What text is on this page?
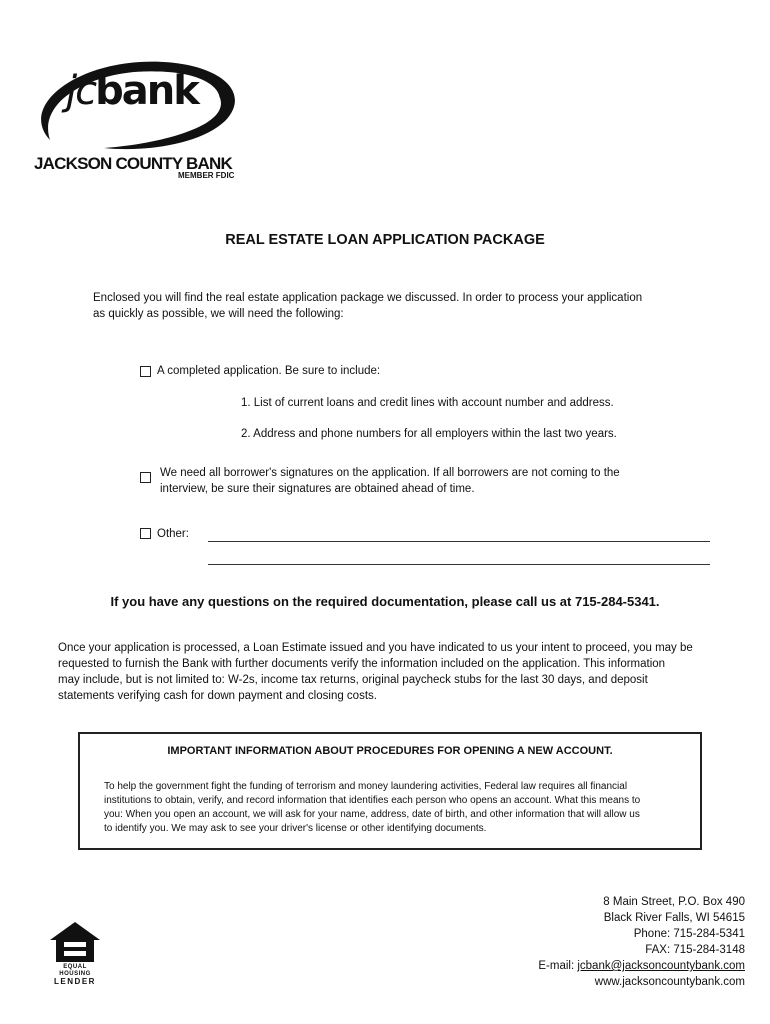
jcbank
JACKSON COUNTY BANK
MEMBER FDIC
REAL ESTATE LOAN APPLICATION PACKAGE
Enclosed you will find the real estate application package we discussed. In order to process your application
as quickly as possible, we will need the following:
A completed application. Be sure to include:
1. List of current loans and credit lines with account number and address.
2. Address and phone numbers for all employers within the last two years.
We need all borrower's signatures on the application. If all borrowers are not coming to the
interview, be sure their signatures are obtained ahead of time.
Other:
If you have any questions on the required documentation, please call us at 715-284-5341.
Once your application is processed, a Loan Estimate issued and you have indicated to us your intent to proceed, you may be
requested to furnish the Bank with further documents verify the information included on the application. This information
may include, but is not limited to: W-2s, income tax returns, original paycheck stubs for the last 30 days, and deposit
statements verifying cash for down payment and closing costs.
IMPORTANT INFORMATION ABOUT PROCEDURES FOR OPENING A NEW ACCOUNT.
To help the government fight the funding of terrorism and money laundering activities, Federal law requires all financial
institutions to obtain, verify, and record information that identifies each person who opens an account. What this means to
you: When you open an account, we will ask for your name, address, date of birth, and other information that will allow us
to identify you. We may ask to see your driver's license or other identifying documents.
8 Main Street, P.O. Box 490
Black River Falls, WI 54615
Phone: 715-284-5341
FAX: 715-284-3148
E-mail: jcbank@jacksoncountybank.com
www.jacksoncountybank.com
EQUAL HOUSING
LENDER
